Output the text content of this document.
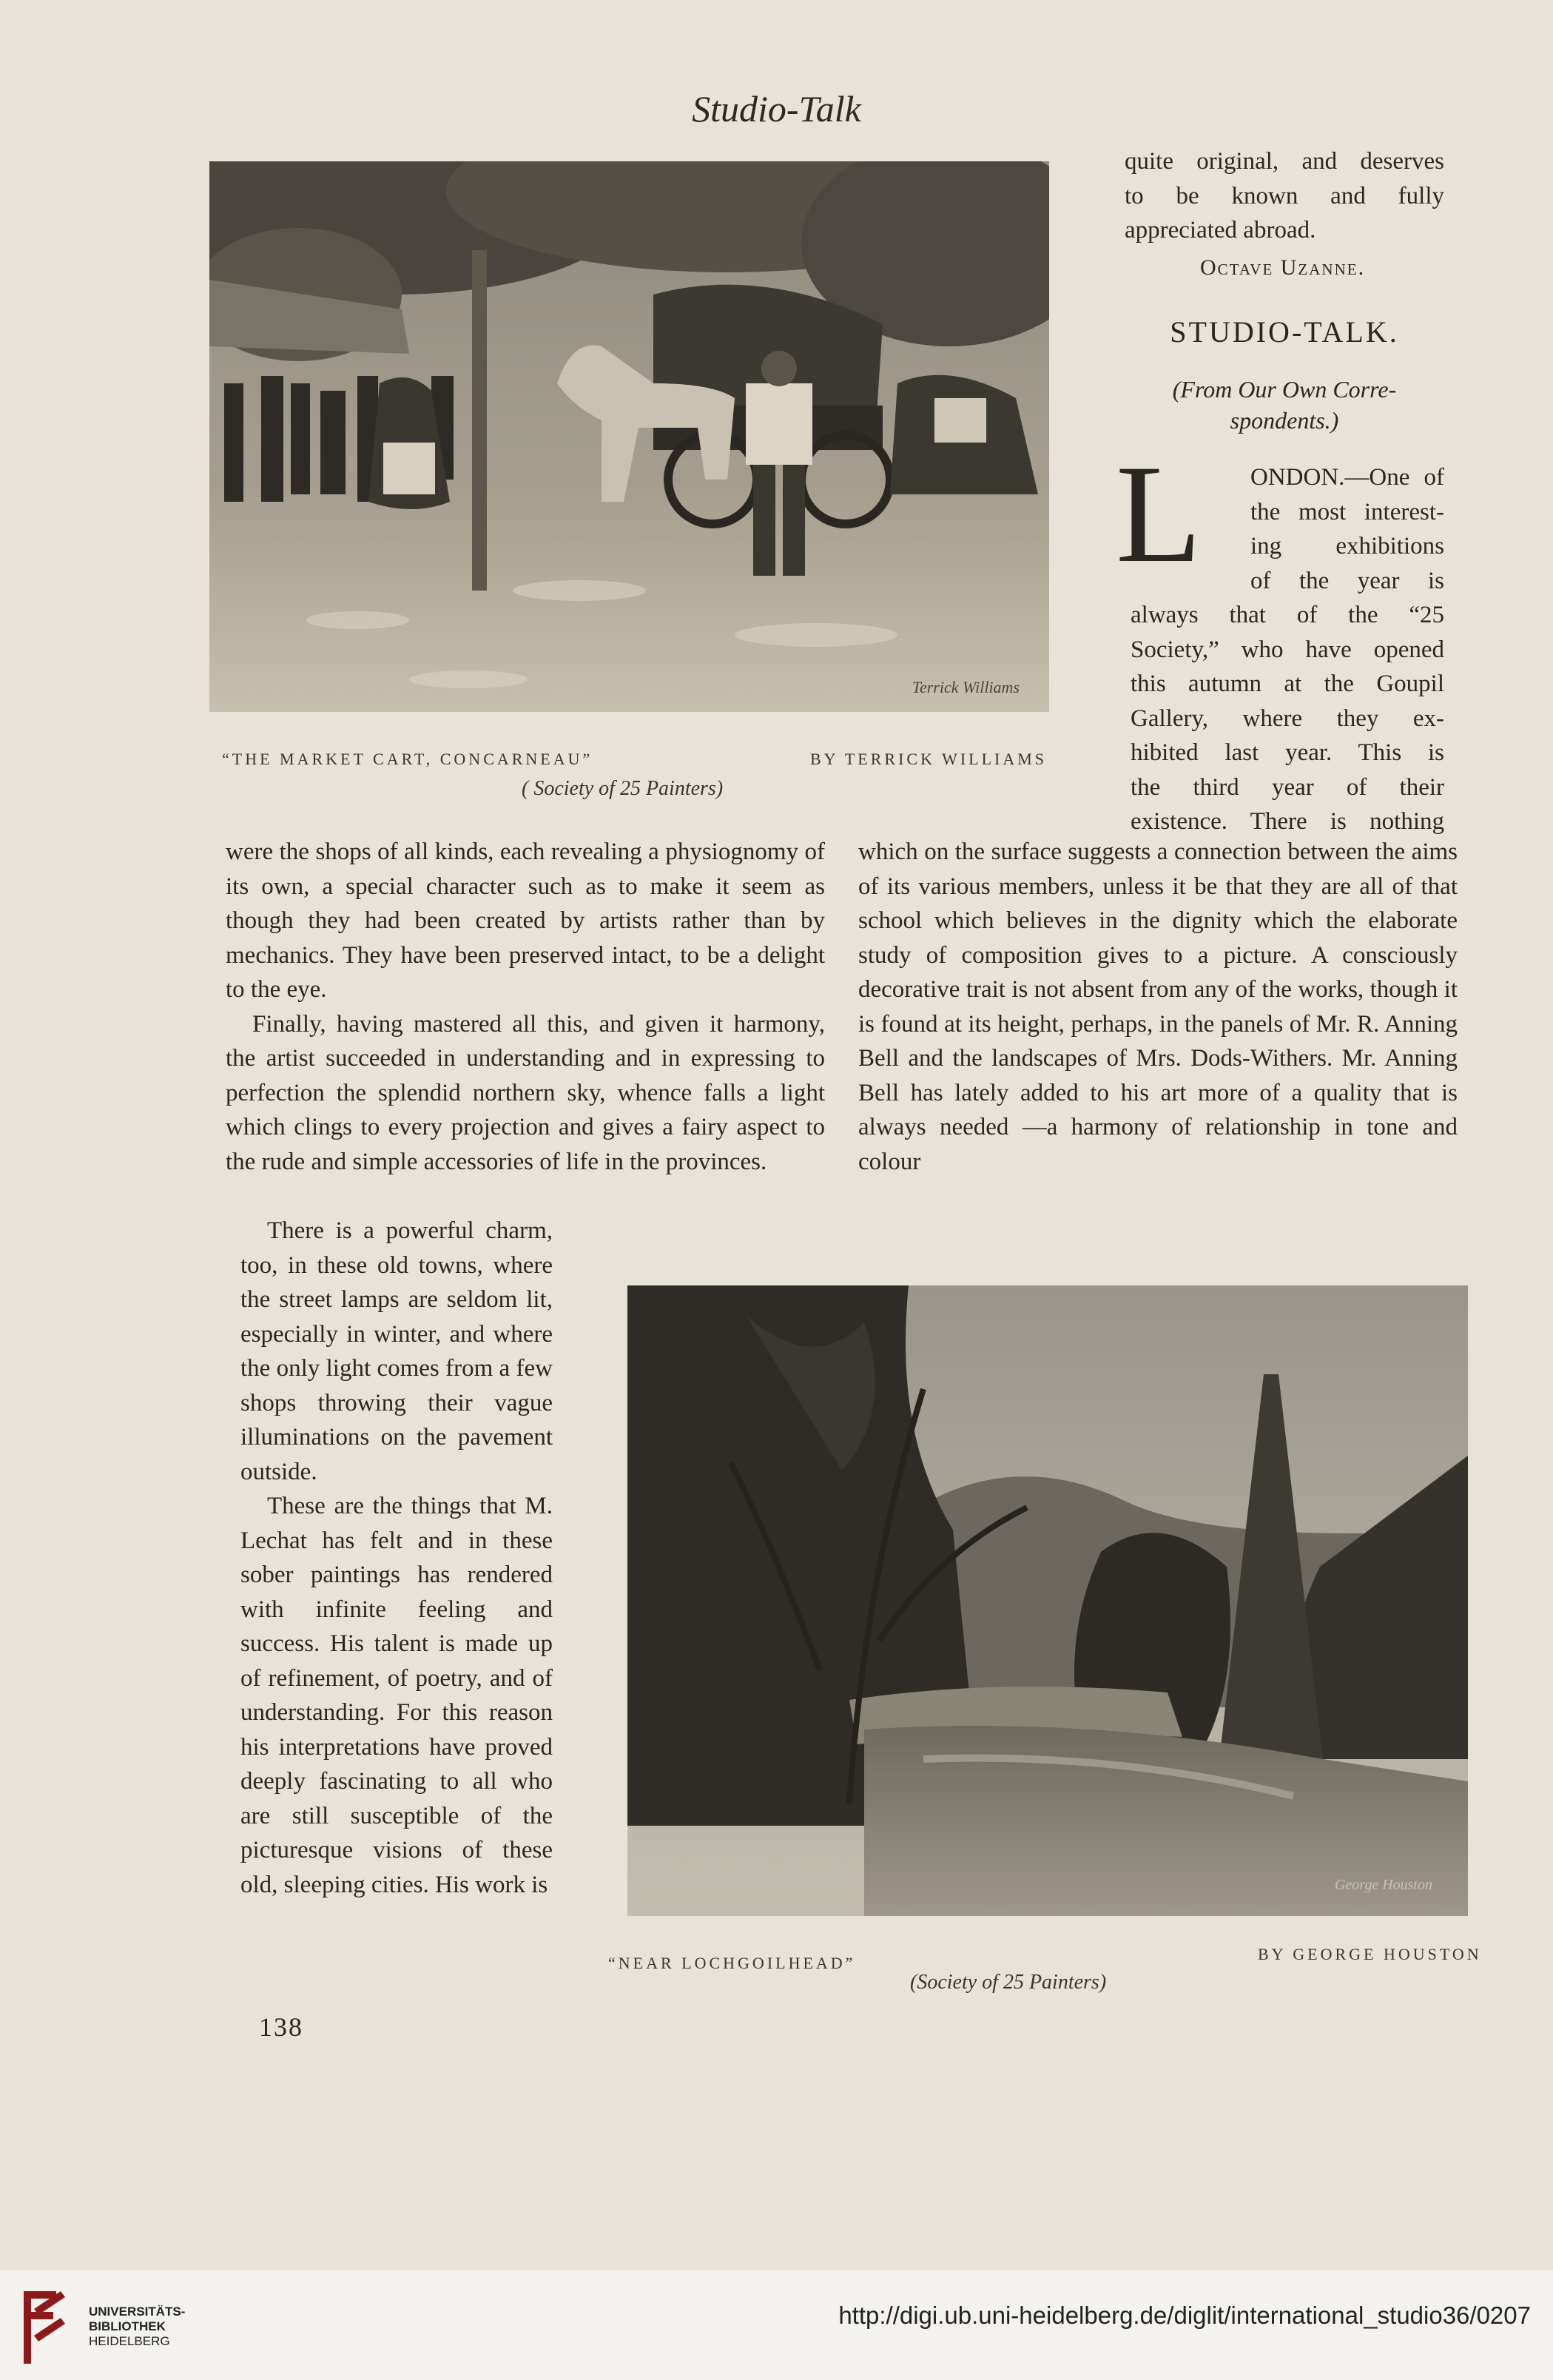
Studio-Talk
Terrick Williams
“THE MARKET CART, CONCARNEAU”	BY TERRICK WILLIAMS
( Society of 25 Painters)
quite original, and deserves
to be known and fully
appreciated abroad.
Octave Uzanne.
STUDIO-TALK.
(From Our Own Corre-
spondents.)
L ONDON.—One of
the most interest-
ing exhibitions
of the year is
always that of the “25
Society,” who have opened
this autumn at the Goupil
Gallery, where they ex-
hibited last year. This is
the third year of their
existence. There is nothing

were the shops of all kinds, each revealing a physiognomy of its own, a special character such as to make it seem as though they had been created by artists rather than by mechanics. They have been preserved intact, to be a delight to the eye.

Finally, having mastered all this, and given it harmony, the artist succeeded in understanding and in expressing to perfection the splendid northern sky, whence falls a light which clings to every projection and gives a fairy aspect to the rude and simple accessories of life in the provinces.

which on the surface suggests a connection between the aims of its various members, unless it be that they are all of that school which believes in the dignity which the elaborate study of composition gives to a picture. A consciously decorative trait is not absent from any of the works, though it is found at its height, perhaps, in the panels of Mr. R. Anning Bell and the landscapes of Mrs. Dods-Withers. Mr. Anning Bell has lately added to his art more of a quality that is always needed —a harmony of relationship in tone and colour

There is a powerful charm, too, in these old towns, where the street lamps are seldom lit, especially in winter, and where the only light comes from a few shops throwing their vague illuminations on the pavement outside.

These are the things that M. Lechat has felt and in these sober paintings has rendered with infinite feeling and success. His talent is made up of refinement, of poetry, and of understanding. For this reason his interpretations have proved deeply fascinating to all who are still susceptible of the picturesque visions of these old, sleeping cities. His work is	George Houston
“NEAR LOCHGOILHEAD”	BY GEORGE HOUSTON
(Society of 25 Painters)
138
UNIVERSITÄTS-
BIBLIOTHEK
HEIDELBERG
http://digi.ub.uni-heidelberg.de/diglit/international_studio36/0207
